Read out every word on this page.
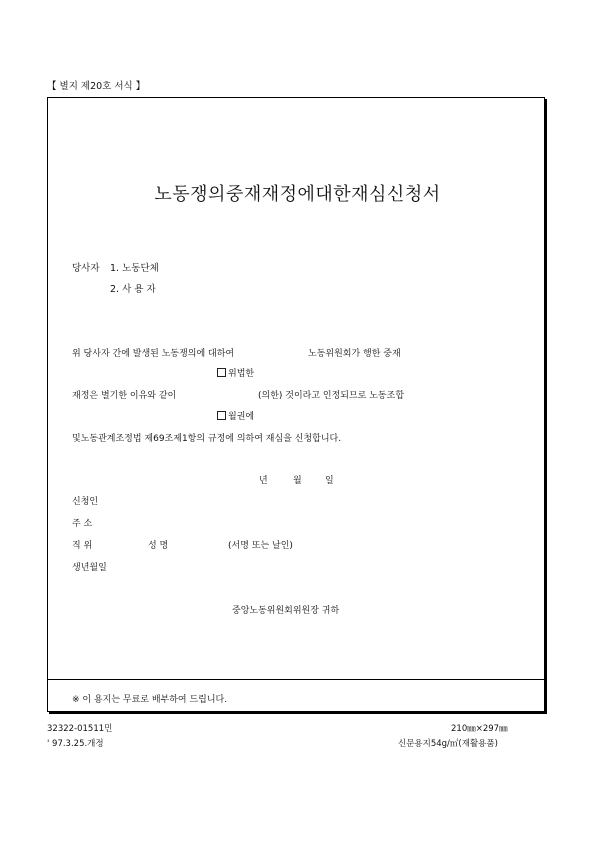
【 별지 제20호 서식 】
노동쟁의중재재정에대한재심신청서
당사자 1. 노동단체
2. 사 용 자
위 당사자 간에 발생된 노동쟁의에 대하여	노동위원회가 행한 중재
위법한
재정은 별기한 이유와 같이	(의한) 것이라고 인정되므로 노동조합
월권에
및노동관계조정법 제69조제1항의 규정에 의하여 재심을 신청합니다.
년	월	일
신청인
주 소
직 위	성 명	(서명 또는 날인)
생년월일
중앙노동위원회위원장 귀하
※ 이 용지는 무료로 배부하여 드립니다.
32322-01511민
' 97.3.25.개정
210㎜×297㎜
신문용지54g/㎡(재활용품)
